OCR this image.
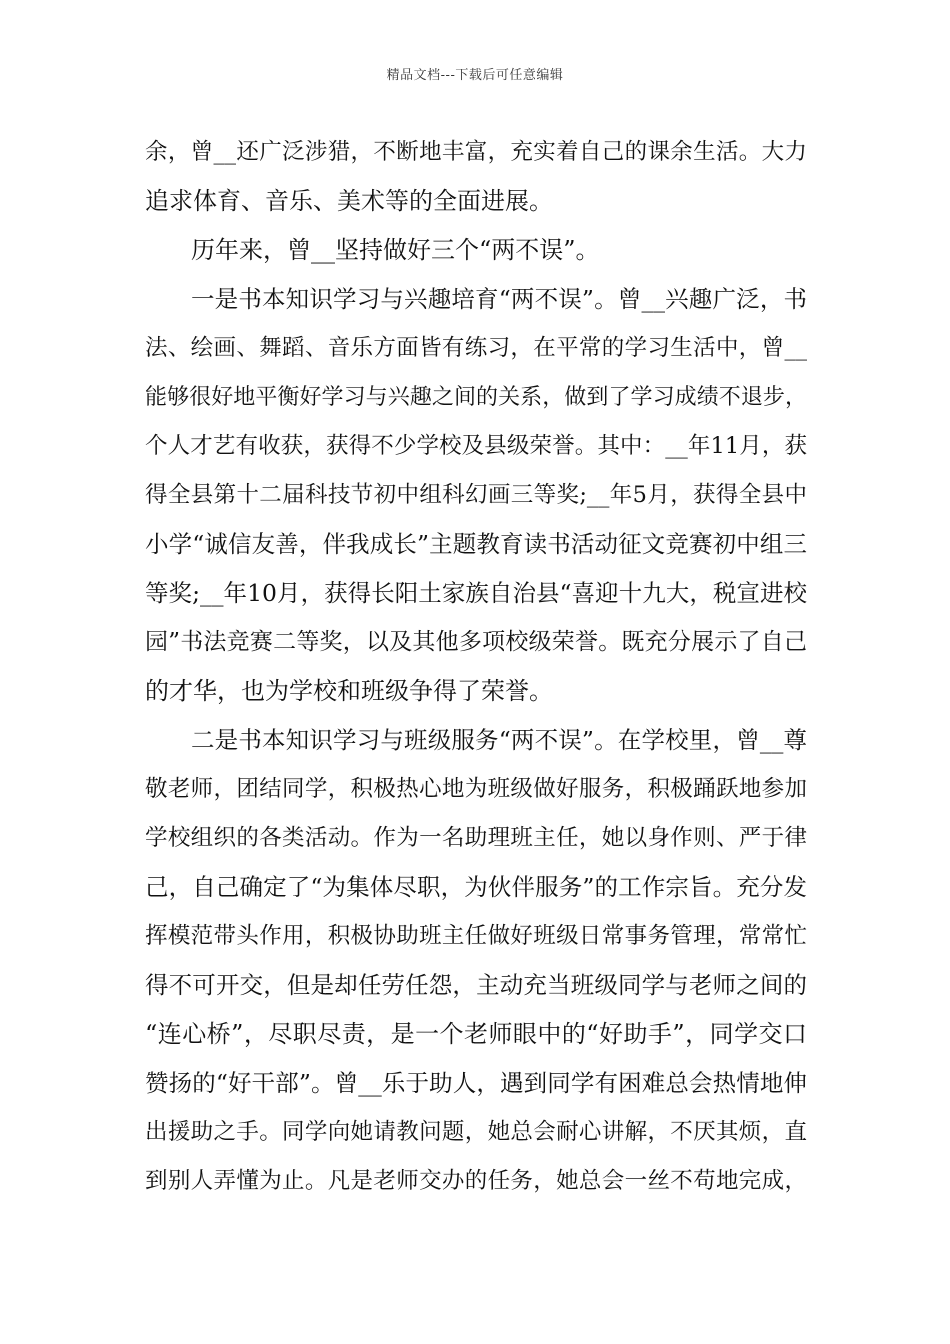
精品文档---下载后可任意编辑
余，曾__还广泛涉猎，不断地丰富，充实着自己的课余生活。大力
追求体育、音乐、美术等的全面进展。
历年来，曾__坚持做好三个“两不误”。
一是书本知识学习与兴趣培育“两不误”。曾__兴趣广泛，书
法、绘画、舞蹈、音乐方面皆有练习，在平常的学习生活中，曾__
能够很好地平衡好学习与兴趣之间的关系，做到了学习成绩不退步，
个人才艺有收获，获得不少学校及县级荣誉。其中：__年11月，获
得全县第十二届科技节初中组科幻画三等奖;__年5月，获得全县中
小学“诚信友善，伴我成长”主题教育读书活动征文竞赛初中组三
等奖;__年10月，获得长阳土家族自治县“喜迎十九大，税宣进校
园”书法竞赛二等奖，以及其他多项校级荣誉。既充分展示了自己
的才华，也为学校和班级争得了荣誉。
二是书本知识学习与班级服务“两不误”。在学校里，曾__尊
敬老师，团结同学，积极热心地为班级做好服务，积极踊跃地参加
学校组织的各类活动。作为一名助理班主任，她以身作则、严于律
己，自己确定了“为集体尽职，为伙伴服务”的工作宗旨。充分发
挥模范带头作用，积极协助班主任做好班级日常事务管理，常常忙
得不可开交，但是却任劳任怨，主动充当班级同学与老师之间的
“连心桥”，尽职尽责，是一个老师眼中的“好助手”，同学交口
赞扬的“好干部”。曾__乐于助人，遇到同学有困难总会热情地伸
出援助之手。同学向她请教问题，她总会耐心讲解，不厌其烦，直
到别人弄懂为止。凡是老师交办的任务，她总会一丝不苟地完成，
